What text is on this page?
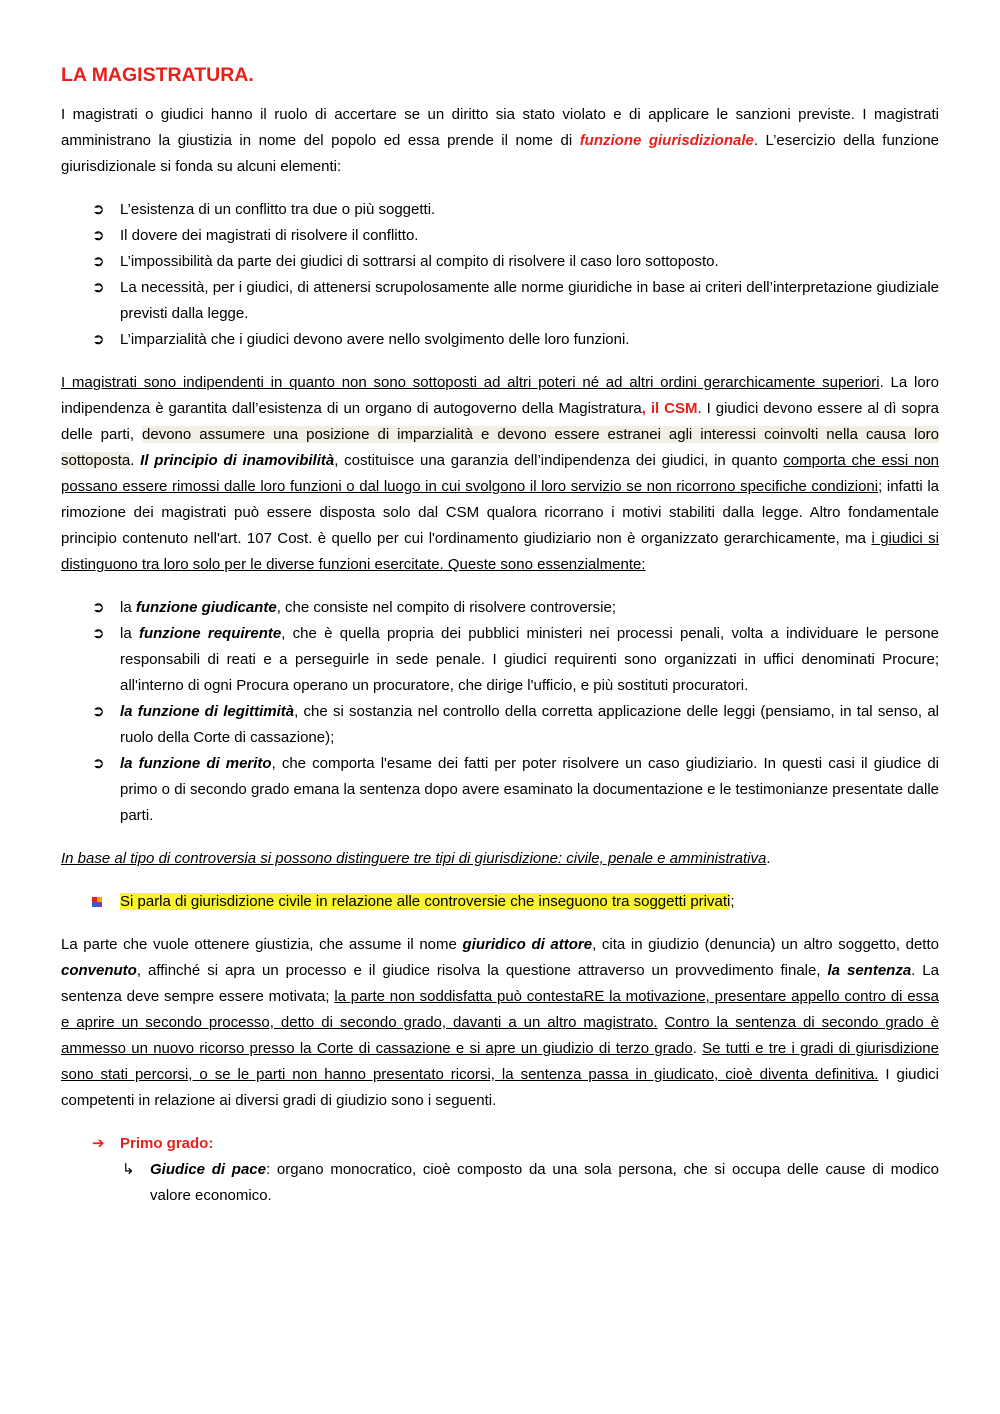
LA MAGISTRATURA.

I magistrati o giudici hanno il ruolo di accertare se un diritto sia stato violato e di applicare le sanzioni previste. I magistrati amministrano la giustizia in nome del popolo ed essa prende il nome di funzione giurisdizionale. L’esercizio della funzione giurisdizionale si fonda su alcuni elementi:

➲ L’esistenza di un conflitto tra due o più soggetti.
➲ Il dovere dei magistrati di risolvere il conflitto.
➲ L’impossibilità da parte dei giudici di sottrarsi al compito di risolvere il caso loro sottoposto.
➲ La necessità, per i giudici, di attenersi scrupolosamente alle norme giuridiche in base ai criteri dell’interpretazione giudiziale previsti dalla legge.
➲ L’imparzialità che i giudici devono avere nello svolgimento delle loro funzioni.

I magistrati sono indipendenti in quanto non sono sottoposti ad altri poteri né ad altri ordini gerarchicamente superiori. La loro indipendenza è garantita dall’esistenza di un organo di autogoverno della Magistratura, il CSM. I giudici devono essere al dì sopra delle parti, devono assumere una posizione di imparzialità e devono essere estranei agli interessi coinvolti nella causa loro sottoposta. Il principio di inamovibilità, costituisce una garanzia dell’indipendenza dei giudici, in quanto comporta che essi non possano essere rimossi dalle loro funzioni o dal luogo in cui svolgono il loro servizio se non ricorrono specifiche condizioni; infatti la rimozione dei magistrati può essere disposta solo dal CSM qualora ricorrano i motivi stabiliti dalla legge. Altro fondamentale principio contenuto nell'art. 107 Cost. è quello per cui l'ordinamento giudiziario non è organizzato gerarchicamente, ma i giudici si distinguono tra loro solo per le diverse funzioni esercitate. Queste sono essenzialmente:

➲ la funzione giudicante, che consiste nel compito di risolvere controversie;
➲ la funzione requirente, che è quella propria dei pubblici ministeri nei processi penali, volta a individuare le persone responsabili di reati e a perseguirle in sede penale. I giudici requirenti sono organizzati in uffici denominati Procure; all'interno di ogni Procura operano un procuratore, che dirige l'ufficio, e più sostituti procuratori.
➲ la funzione di legittimità, che si sostanzia nel controllo della corretta applicazione delle leggi (pensiamo, in tal senso, al ruolo della Corte di cassazione);
➲ la funzione di merito, che comporta l'esame dei fatti per poter risolvere un caso giudiziario. In questi casi il giudice di primo o di secondo grado emana la sentenza dopo avere esaminato la documentazione e le testimonianze presentate dalle parti.

In base al tipo di controversia si possono distinguere tre tipi di giurisdizione: civile, penale e amministrativa.

Si parla di giurisdizione civile in relazione alle controversie che inseguono tra soggetti privati;

La parte che vuole ottenere giustizia, che assume il nome giuridico di attore, cita in giudizio (denuncia) un altro soggetto, detto convenuto, affinché si apra un processo e il giudice risolva la questione attraverso un provvedimento finale, la sentenza. La sentenza deve sempre essere motivata; la parte non soddisfatta può contestaRE la motivazione, presentare appello contro di essa e aprire un secondo processo, detto di secondo grado, davanti a un altro magistrato. Contro la sentenza di secondo grado è ammesso un nuovo ricorso presso la Corte di cassazione e si apre un giudizio di terzo grado. Se tutti e tre i gradi di giurisdizione sono stati percorsi, o se le parti non hanno presentato ricorsi, la sentenza passa in giudicato, cioè diventa definitiva. I giudici competenti in relazione ai diversi gradi di giudizio sono i seguenti.

➔ Primo grado:
↳ Giudice di pace: organo monocratico, cioè composto da una sola persona, che si occupa delle cause di modico valore economico.
